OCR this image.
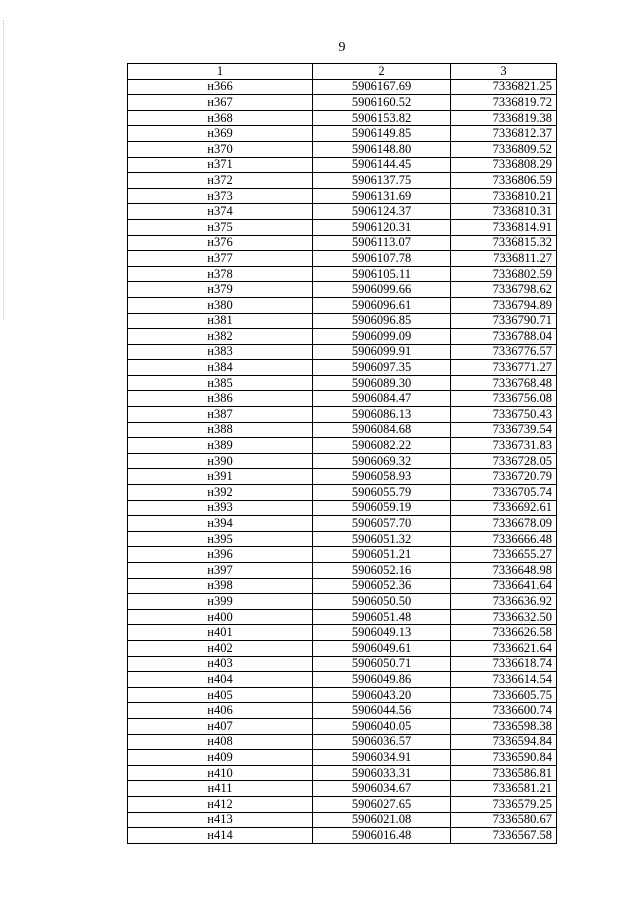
9
1	2	3
н366	5906167.69	7336821.25
н367	5906160.52	7336819.72
н368	5906153.82	7336819.38
н369	5906149.85	7336812.37
н370	5906148.80	7336809.52
н371	5906144.45	7336808.29
н372	5906137.75	7336806.59
н373	5906131.69	7336810.21
н374	5906124.37	7336810.31
н375	5906120.31	7336814.91
н376	5906113.07	7336815.32
н377	5906107.78	7336811.27
н378	5906105.11	7336802.59
н379	5906099.66	7336798.62
н380	5906096.61	7336794.89
н381	5906096.85	7336790.71
н382	5906099.09	7336788.04
н383	5906099.91	7336776.57
н384	5906097.35	7336771.27
н385	5906089.30	7336768.48
н386	5906084.47	7336756.08
н387	5906086.13	7336750.43
н388	5906084.68	7336739.54
н389	5906082.22	7336731.83
н390	5906069.32	7336728.05
н391	5906058.93	7336720.79
н392	5906055.79	7336705.74
н393	5906059.19	7336692.61
н394	5906057.70	7336678.09
н395	5906051.32	7336666.48
н396	5906051.21	7336655.27
н397	5906052.16	7336648.98
н398	5906052.36	7336641.64
н399	5906050.50	7336636.92
н400	5906051.48	7336632.50
н401	5906049.13	7336626.58
н402	5906049.61	7336621.64
н403	5906050.71	7336618.74
н404	5906049.86	7336614.54
н405	5906043.20	7336605.75
н406	5906044.56	7336600.74
н407	5906040.05	7336598.38
н408	5906036.57	7336594.84
н409	5906034.91	7336590.84
н410	5906033.31	7336586.81
н411	5906034.67	7336581.21
н412	5906027.65	7336579.25
н413	5906021.08	7336580.67
н414	5906016.48	7336567.58
